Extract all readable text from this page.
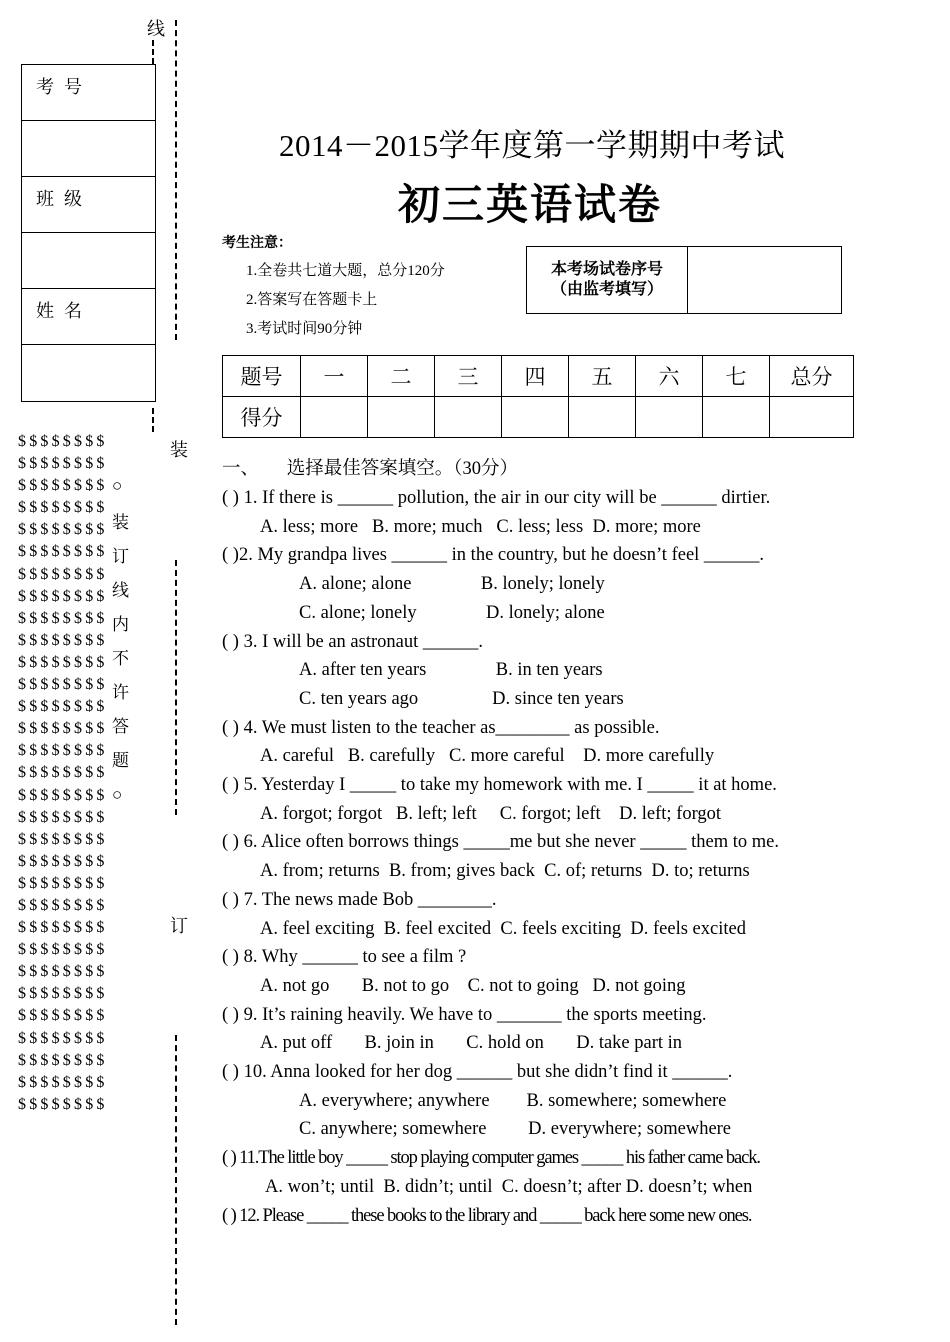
线
考号
班级
姓名
$$$$$$$$
$$$$$$$$
$$$$$$$$
$$$$$$$$
$$$$$$$$
$$$$$$$$
$$$$$$$$
$$$$$$$$
$$$$$$$$
$$$$$$$$
$$$$$$$$
$$$$$$$$
$$$$$$$$
$$$$$$$$
$$$$$$$$
$$$$$$$$
$$$$$$$$
$$$$$$$$
$$$$$$$$
$$$$$$$$
$$$$$$$$
$$$$$$$$
$$$$$$$$
$$$$$$$$
$$$$$$$$
$$$$$$$$
$$$$$$$$
$$$$$$$$
$$$$$$$$
$$$$$$$$
$$$$$$$$
装
订
○
装
订
线
内
不
许
答
题
○
2014－2015学年度第一学期期中考试
初三英语试卷
考生注意：
1.全卷共七道大题，总分120分
2.答案写在答题卡上
3.考试时间90分钟
本考场试卷序号
（由监考填写）
题号	一	二	三	四	五	六	七	总分
得分								
一、　　选择最佳答案填空。（30分）
( ) 1. If there is ______ pollution, the air in our city will be ______ dirtier.
A. less; more   B. more; much   C. less; less  D. more; more
( )2. My grandpa lives ______ in the country, but he doesn’t feel ______.
A. alone; alone               B. lonely; lonely
C. alone; lonely               D. lonely; alone
( ) 3. I will be an astronaut ______.
A. after ten years               B. in ten years
C. ten years ago                D. since ten years
( ) 4. We must listen to the teacher as________ as possible.
A. careful   B. carefully   C. more careful    D. more carefully
( ) 5. Yesterday I _____ to take my homework with me. I _____ it at home.
A. forgot; forgot   B. left; left     C. forgot; left    D. left; forgot
( ) 6. Alice often borrows things _____me but she never _____ them to me.
A. from; returns  B. from; gives back  C. of; returns  D. to; returns
( ) 7. The news made Bob ________.
A. feel exciting  B. feel excited  C. feels exciting  D. feels excited
( ) 8. Why ______ to see a film ?
A. not go       B. not to go    C. not to going   D. not going
( ) 9. It’s raining heavily. We have to _______ the sports meeting.
A. put off       B. join in       C. hold on       D. take part in
( ) 10. Anna looked for her dog ______ but she didn’t find it ______.
A. everywhere; anywhere        B. somewhere; somewhere
C. anywhere; somewhere         D. everywhere; somewhere
( ) 11.The little boy _____ stop playing computer games _____ his father came back.
A. won’t; until  B. didn’t; until  C. doesn’t; after D. doesn’t; when
( ) 12. Please _____ these books to the library and _____ back here some new ones.
